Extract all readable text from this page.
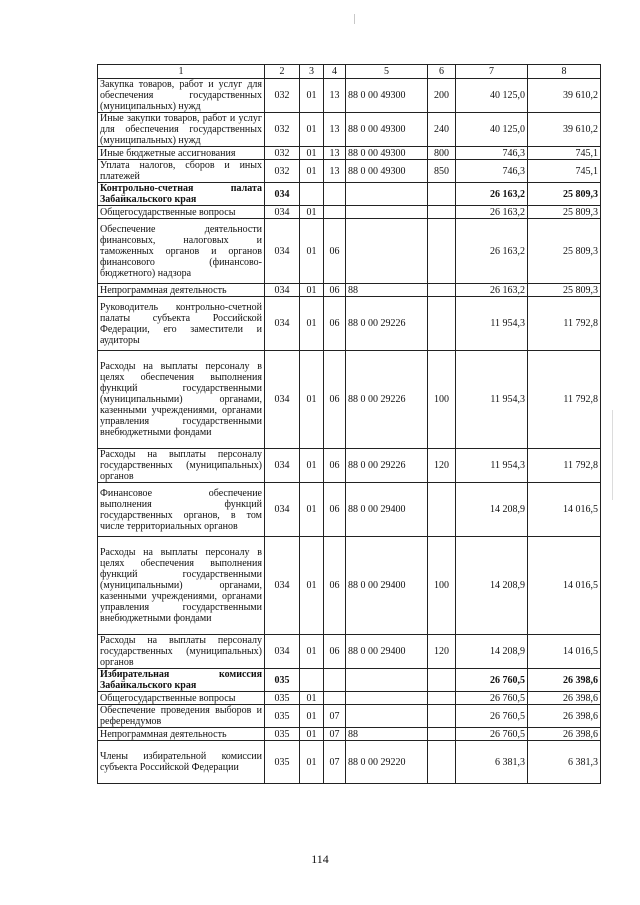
1	2	3	4	5	6	7	8
Закупка товаров, работ и услуг для обеспечения государственных (муниципальных) нужд	032	01	13	88 0 00 49300	200	40 125,0	39 610,2
Иные закупки товаров, работ и услуг для обеспечения государственных (муниципальных) нужд	032	01	13	88 0 00 49300	240	40 125,0	39 610,2
Иные бюджетные ассигнования	032	01	13	88 0 00 49300	800	746,3	745,1
Уплата налогов, сборов и иных платежей	032	01	13	88 0 00 49300	850	746,3	745,1
Контрольно-счетная палата Забайкальского края	034					26 163,2	25 809,3
Общегосударственные вопросы	034	01				26 163,2	25 809,3
Обеспечение деятельности финансовых, налоговых и таможенных органов и органов финансового (финансово-бюджетного) надзора	034	01	06			26 163,2	25 809,3
Непрограммная деятельность	034	01	06	88		26 163,2	25 809,3
Руководитель контрольно-счетной палаты субъекта Российской Федерации, его заместители и аудиторы	034	01	06	88 0 00 29226		11 954,3	11 792,8
Расходы на выплаты персоналу в целях обеспечения выполнения функций государственными (муниципальными) органами, казенными учреждениями, органами управления государственными внебюджетными фондами	034	01	06	88 0 00 29226	100	11 954,3	11 792,8
Расходы на выплаты персоналу государственных (муниципальных) органов	034	01	06	88 0 00 29226	120	11 954,3	11 792,8
Финансовое обеспечение выполнения функций государственных органов, в том числе территориальных органов	034	01	06	88 0 00 29400		14 208,9	14 016,5
Расходы на выплаты персоналу в целях обеспечения выполнения функций государственными (муниципальными) органами, казенными учреждениями, органами управления государственными внебюджетными фондами	034	01	06	88 0 00 29400	100	14 208,9	14 016,5
Расходы на выплаты персоналу государственных (муниципальных) органов	034	01	06	88 0 00 29400	120	14 208,9	14 016,5
Избирательная комиссия Забайкальского края	035					26 760,5	26 398,6
Общегосударственные вопросы	035	01				26 760,5	26 398,6
Обеспечение проведения выборов и референдумов	035	01	07			26 760,5	26 398,6
Непрограммная деятельность	035	01	07	88		26 760,5	26 398,6
Члены избирательной комиссии субъекта Российской Федерации	035	01	07	88 0 00 29220		6 381,3	6 381,3
114
